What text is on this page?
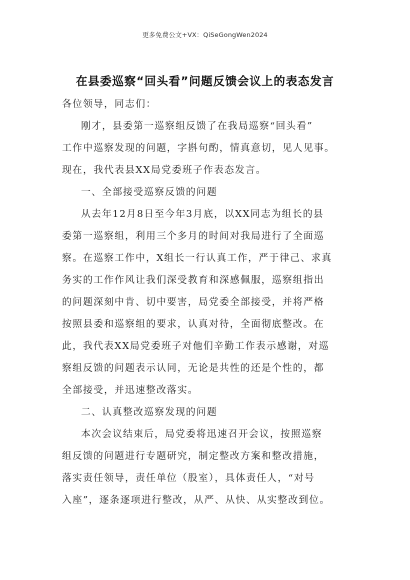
更多免费公文+VX：QiSeGongWen2024
在县委巡察“回头看”问题反馈会议上的表态发言
各位领导，同志们：
刚才，县委第一巡察组反馈了在我局巡察“回头看”
工作中巡察发现的问题，字斟句酌，情真意切，见人见事。
现在，我代表县XX局党委班子作表态发言。
一、全部接受巡察反馈的问题
从去年12月8日至今年3月底，以XX同志为组长的县
委第一巡察组，利用三个多月的时间对我局进行了全面巡
察。在巡察工作中，X组长一行认真工作，严于律己、求真
务实的工作作风让我们深受教育和深感佩服，巡察组指出
的问题深刻中肯、切中要害，局党委全部接受，并将严格
按照县委和巡察组的要求，认真对待，全面彻底整改。在
此，我代表XX局党委班子对他们辛勤工作表示感谢，对巡
察组反馈的问题表示认同，无论是共性的还是个性的，都
全部接受，并迅速整改落实。
二、认真整改巡察发现的问题
本次会议结束后，局党委将迅速召开会议，按照巡察
组反馈的问题进行专题研究，制定整改方案和整改措施，
落实责任领导，责任单位（股室），具体责任人，“对号
入座”，逐条逐项进行整改，从严、从快、从实整改到位。
